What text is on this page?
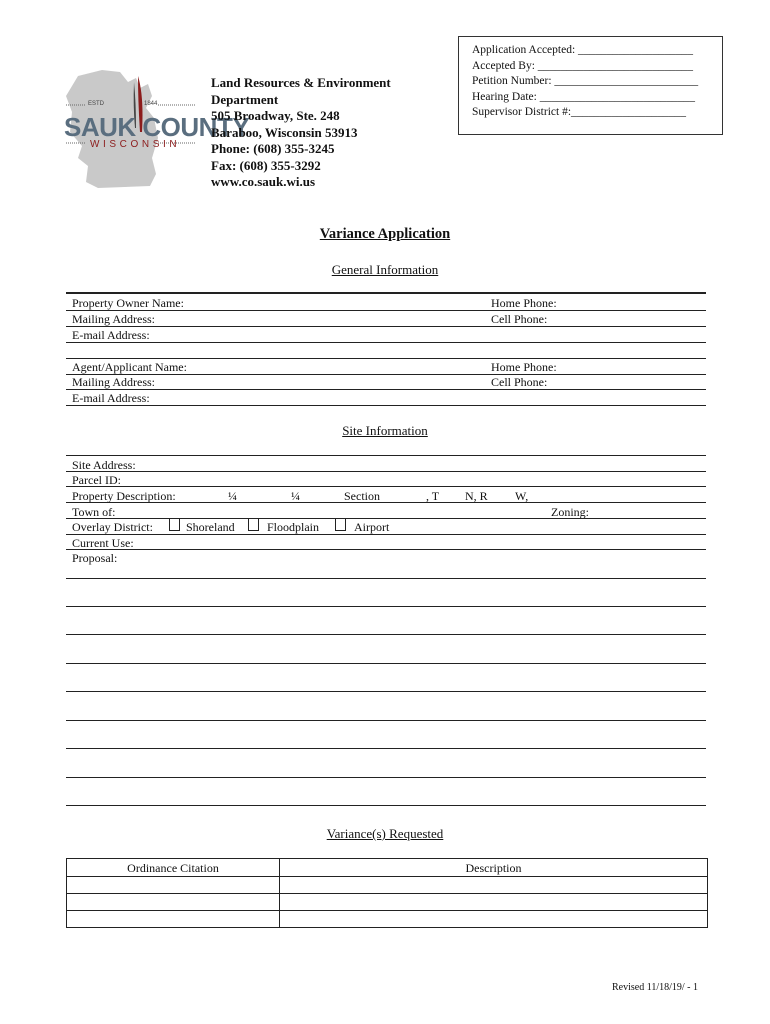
ESTD	1844
SAUK COUNTY
WISCONSIN
Land Resources & Environment
Department
505 Broadway, Ste. 248
Baraboo, Wisconsin 53913
Phone: (608) 355-3245
Fax: (608) 355-3292
www.co.sauk.wi.us
Application Accepted: ____________________
Accepted By: ___________________________
Petition Number: _________________________
Hearing Date: ___________________________
Supervisor District #:____________________
Variance Application
General Information
Property Owner Name:	Home Phone:
Mailing Address:	Cell Phone:
E-mail Address:
Agent/Applicant Name:	Home Phone:
Mailing Address:	Cell Phone:
E-mail Address:
Site Information
Site Address:
Parcel ID:
Property Description:	¼	¼	Section	, T N, R W,
Town of:	Zoning:
Overlay District:	Shoreland	Floodplain	Airport
Current Use:
Proposal:
Variance(s) Requested
Ordinance Citation	Description

Revised 11/18/19/ - 1
